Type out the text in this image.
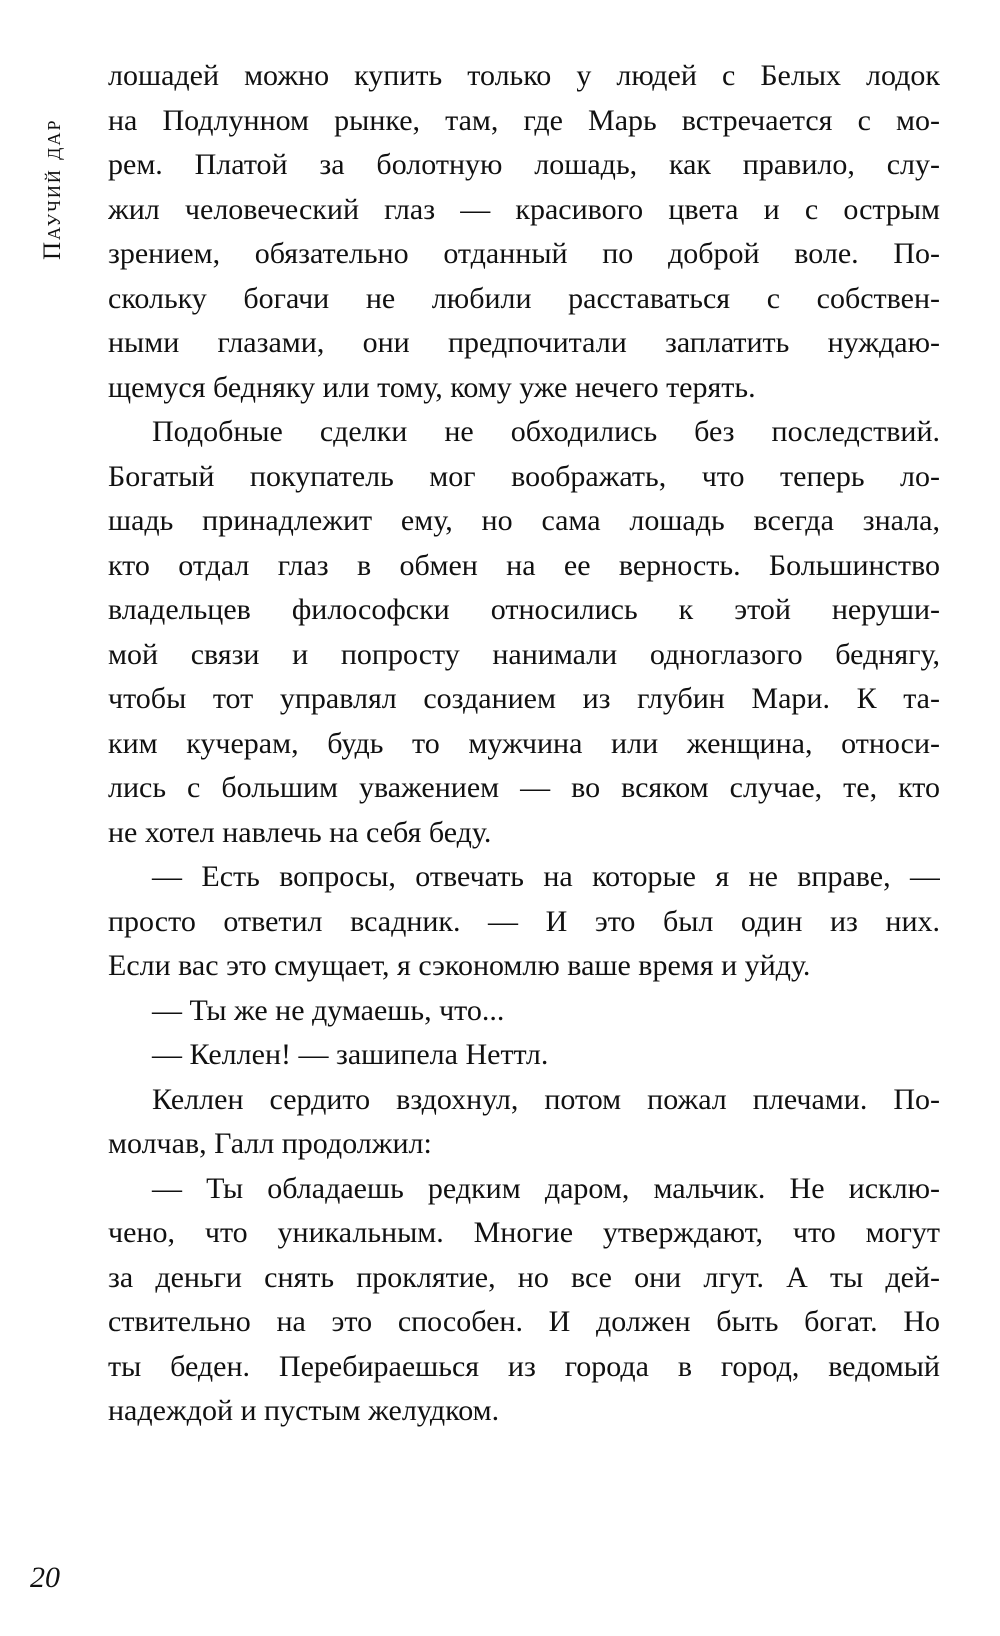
Паучий дар
лошадей можно купить только у людей с Белых лодок
на Подлунном рынке, там, где Марь встречается с мо-
рем. Платой за болотную лошадь, как правило, слу-
жил человеческий глаз — красивого цвета и с острым
зрением, обязательно отданный по доброй воле. По-
скольку богачи не любили расставаться с собствен-
ными глазами, они предпочитали заплатить нуждаю-
щемуся бедняку или тому, кому уже нечего терять.
Подобные сделки не обходились без последствий.
Богатый покупатель мог воображать, что теперь ло-
шадь принадлежит ему, но сама лошадь всегда знала,
кто отдал глаз в обмен на ее верность. Большинство
владельцев философски относились к этой неруши-
мой связи и попросту нанимали одноглазого беднягу,
чтобы тот управлял созданием из глубин Мари. К та-
ким кучерам, будь то мужчина или женщина, относи-
лись с большим уважением — во всяком случае, те, кто
не хотел навлечь на себя беду.
— Есть вопросы, отвечать на которые я не вправе, —
просто ответил всадник. — И это был один из них.
Если вас это смущает, я сэкономлю ваше время и уйду.
— Ты же не думаешь, что...
— Келлен! — зашипела Неттл.
Келлен сердито вздохнул, потом пожал плечами. По-
молчав, Галл продолжил:
— Ты обладаешь редким даром, мальчик. Не исклю-
чено, что уникальным. Многие утверждают, что могут
за деньги снять проклятие, но все они лгут. А ты дей-
ствительно на это способен. И должен быть богат. Но
ты беден. Перебираешься из города в город, ведомый
надеждой и пустым желудком.
20
